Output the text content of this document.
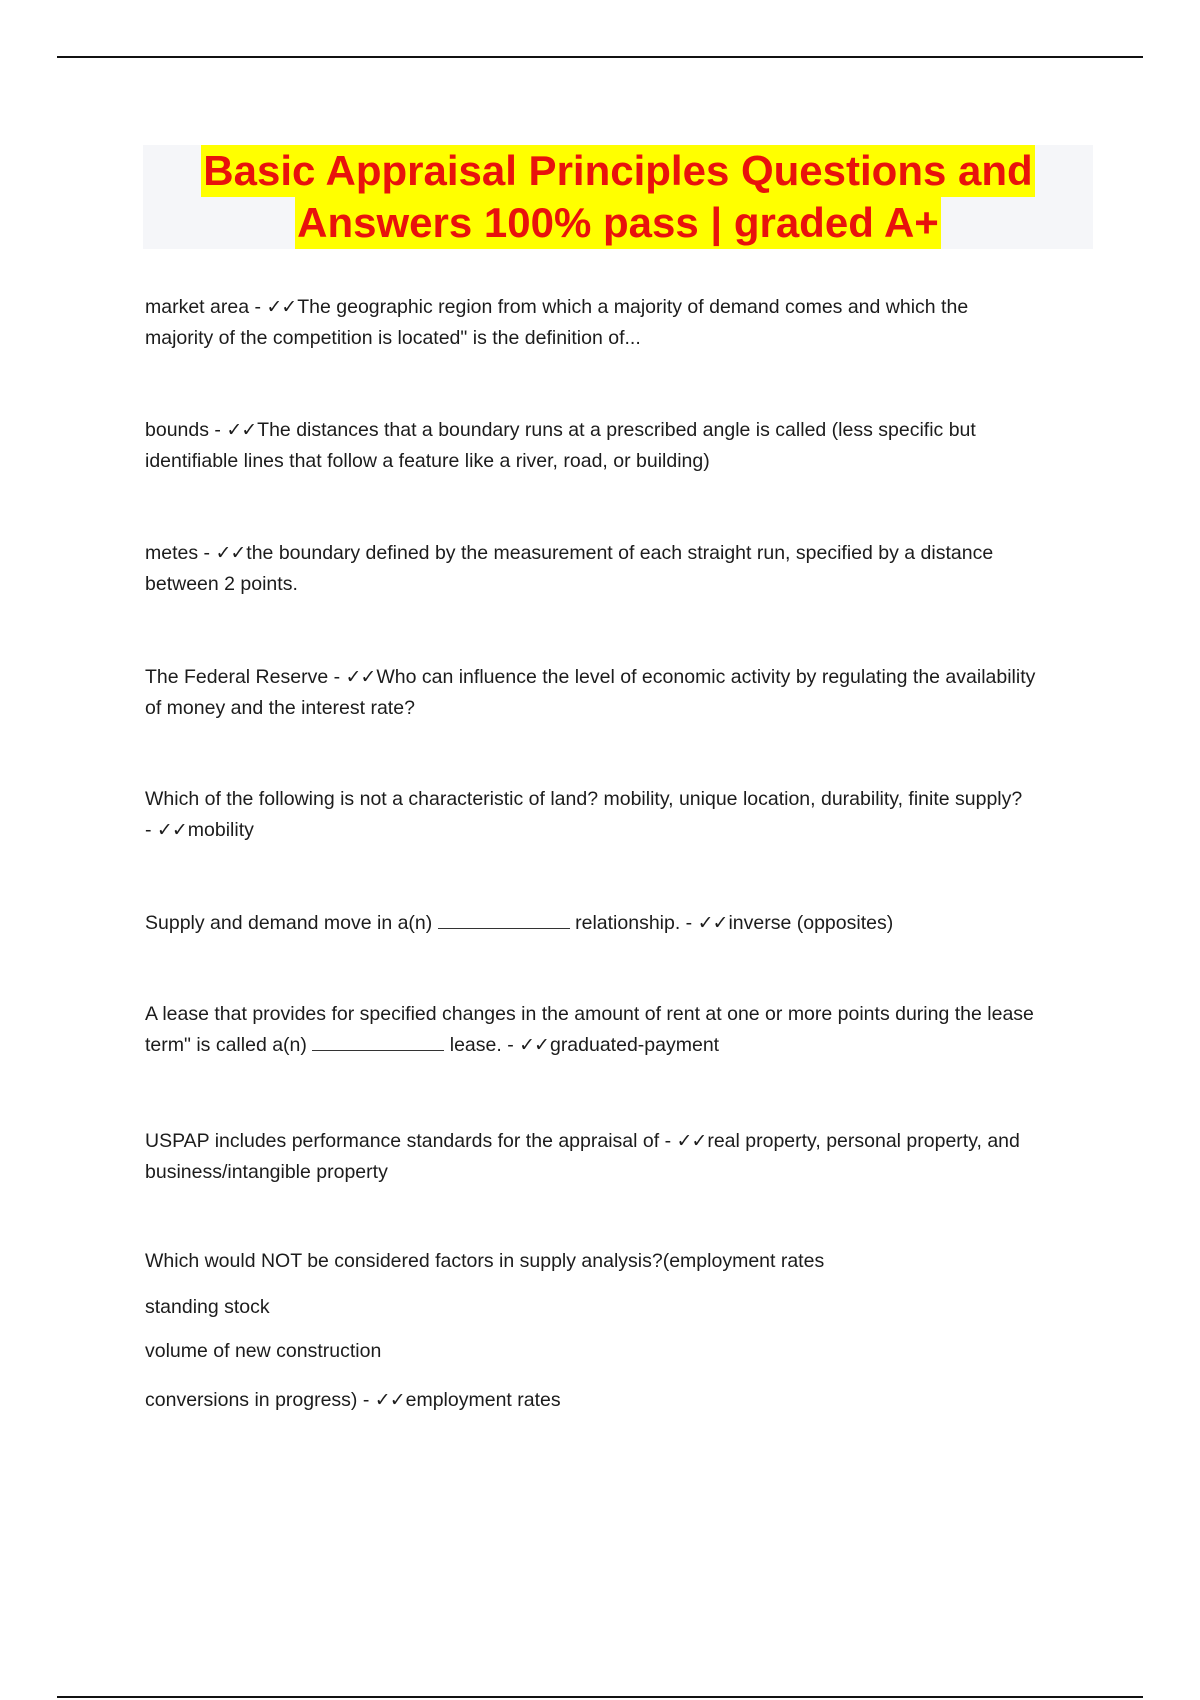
Basic Appraisal Principles Questions and
Answers 100% pass | graded A+
market area - ✓✓The geographic region from which a majority of demand comes and which the
majority of the competition is located" is the definition of...
bounds - ✓✓The distances that a boundary runs at a prescribed angle is called (less specific but
identifiable lines that follow a feature like a river, road, or building)
metes - ✓✓the boundary defined by the measurement of each straight run, specified by a distance
between 2 points.
The Federal Reserve - ✓✓Who can influence the level of economic activity by regulating the availability
of money and the interest rate?
Which of the following is not a characteristic of land? mobility, unique location, durability, finite supply?
- ✓✓mobility
Supply and demand move in a(n)	relationship. - ✓✓inverse (opposites)
A lease that provides for specified changes in the amount of rent at one or more points during the lease
term" is called a(n)	lease. - ✓✓graduated-payment
USPAP includes performance standards for the appraisal of - ✓✓real property, personal property, and
business/intangible property
Which would NOT be considered factors in supply analysis?(employment rates
standing stock
volume of new construction
conversions in progress) - ✓✓employment rates
